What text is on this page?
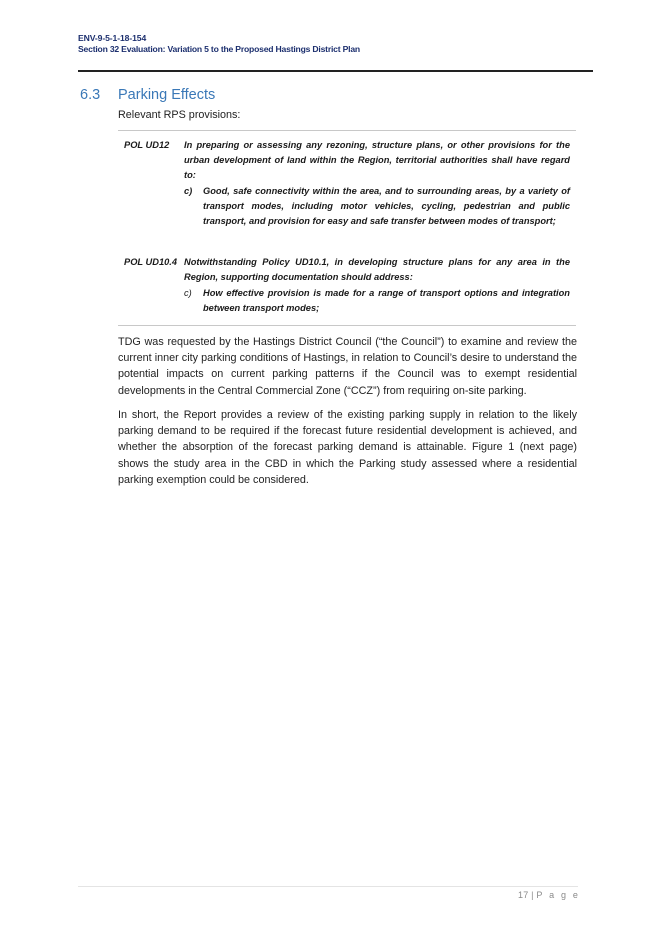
ENV-9-5-1-18-154
Section 32 Evaluation: Variation 5 to the Proposed Hastings District Plan
6.3 Parking Effects
Relevant RPS provisions:
POL UD12 In preparing or assessing any rezoning, structure plans, or other provisions for the urban development of land within the Region, territorial authorities shall have regard to:
c) Good, safe connectivity within the area, and to surrounding areas, by a variety of transport modes, including motor vehicles, cycling, pedestrian and public transport, and provision for easy and safe transfer between modes of transport;
POL UD10.4 Notwithstanding Policy UD10.1, in developing structure plans for any area in the Region, supporting documentation should address:
c) How effective provision is made for a range of transport options and integration between transport modes;
TDG was requested by the Hastings District Council (“the Council”) to examine and review the current inner city parking conditions of Hastings, in relation to Council’s desire to understand the potential impacts on current parking patterns if the Council was to exempt residential developments in the Central Commercial Zone (“CCZ”) from requiring on-site parking.
In short, the Report provides a review of the existing parking supply in relation to the likely parking demand to be required if the forecast future residential development is achieved, and whether the absorption of the forecast parking demand is attainable. Figure 1 (next page) shows the study area in the CBD in which the Parking study assessed where a residential parking exemption could be considered.
17 | P a g e
